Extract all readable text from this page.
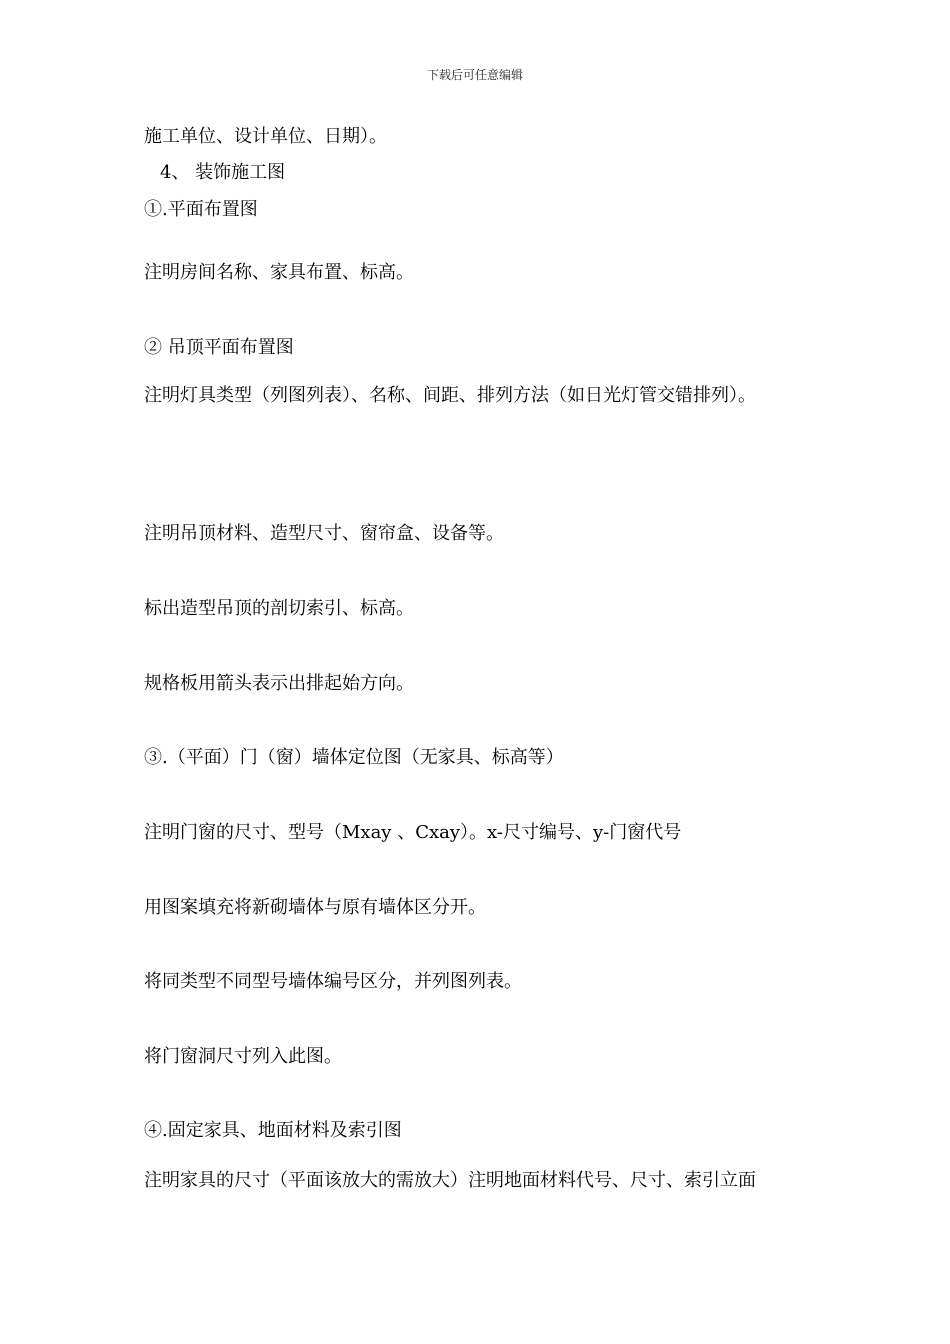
下载后可任意编辑
施工单位、设计单位、日期）。
4、 装饰施工图
①.平面布置图
注明房间名称、家具布置、标高。
② 吊顶平面布置图
注明灯具类型（列图列表）、名称、间距、排列方法（如日光灯管交错排列）。
注明吊顶材料、造型尺寸、窗帘盒、设备等。
标出造型吊顶的剖切索引、标高。
规格板用箭头表示出排起始方向。
③.（平面）门（窗）墙体定位图（无家具、标高等）
注明门窗的尺寸、型号（Mxay 、Cxay）。x-尺寸编号、y-门窗代号
用图案填充将新砌墙体与原有墙体区分开。
将同类型不同型号墙体编号区分，并列图列表。
将门窗洞尺寸列入此图。
④.固定家具、地面材料及索引图
注明家具的尺寸（平面该放大的需放大）注明地面材料代号、尺寸、索引立面
